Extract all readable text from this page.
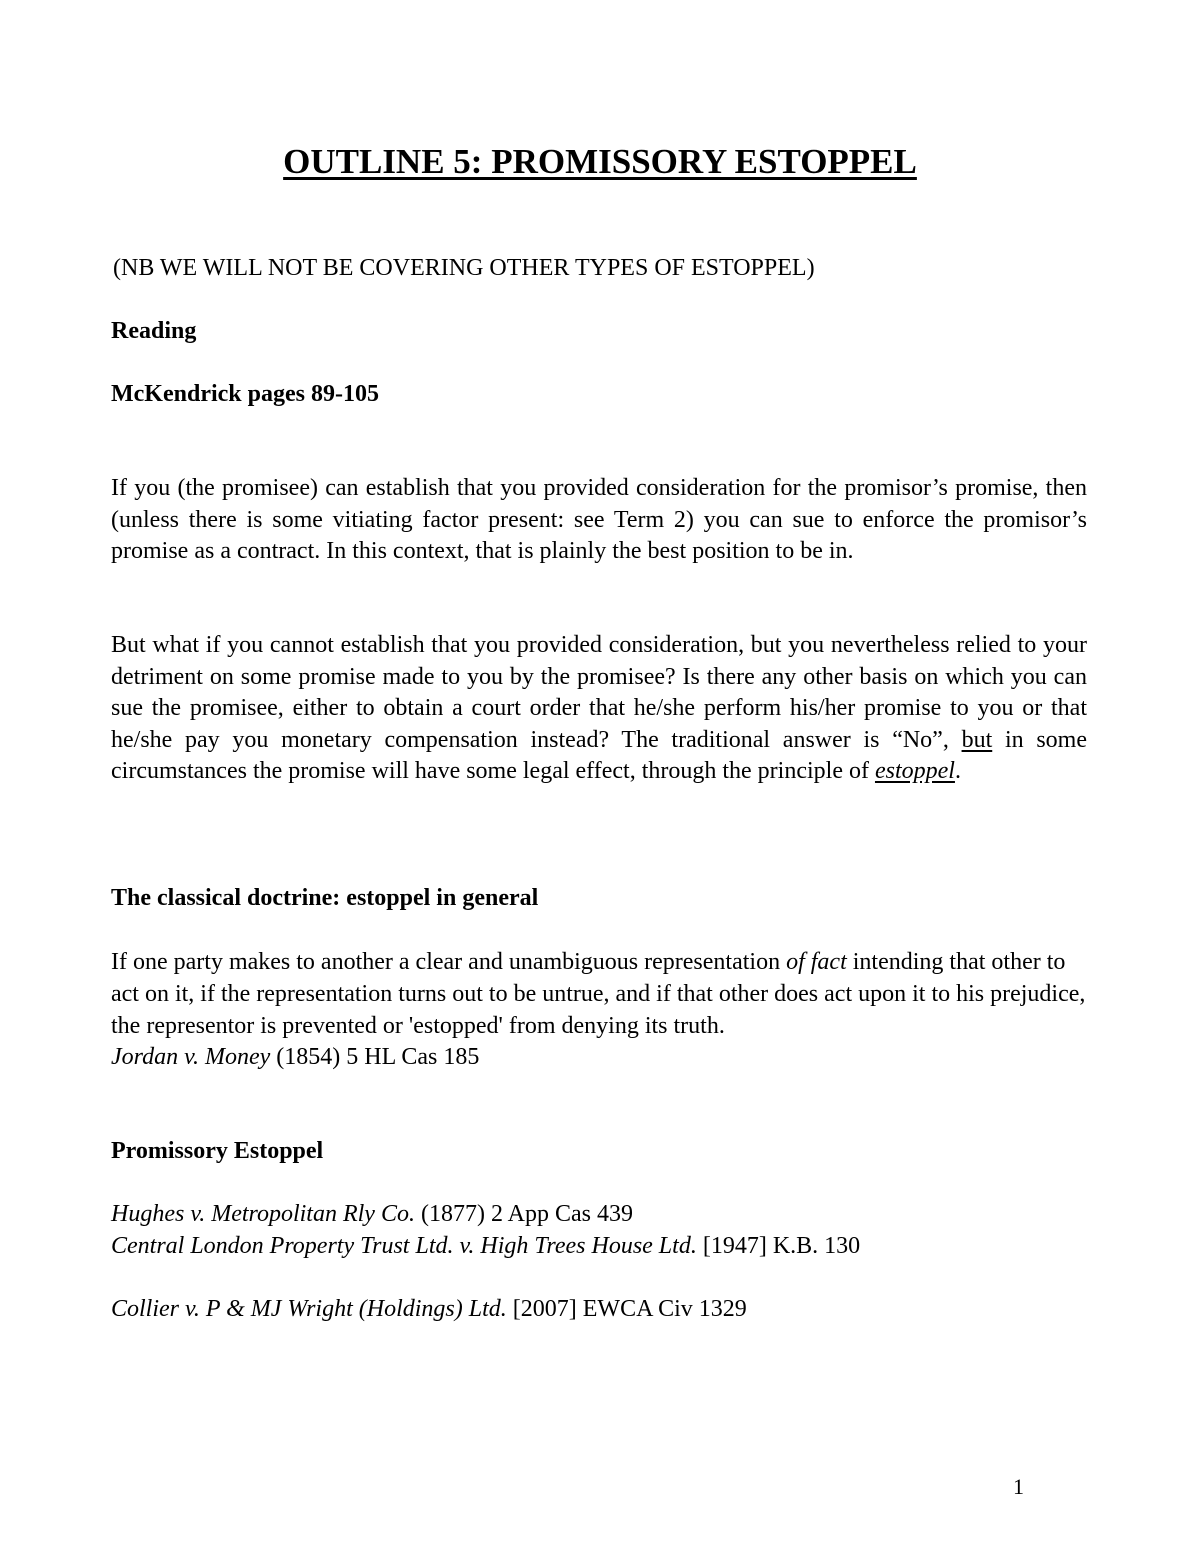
OUTLINE 5: PROMISSORY ESTOPPEL
(NB WE WILL NOT BE COVERING OTHER TYPES OF ESTOPPEL)
Reading
McKendrick pages 89-105
If you (the promisee) can establish that you provided consideration for the promisor’s promise, then (unless there is some vitiating factor present: see Term 2) you can sue to enforce the promisor’s promise as a contract. In this context, that is plainly the best position to be in.
But what if you cannot establish that you provided consideration, but you nevertheless relied to your detriment on some promise made to you by the promisee? Is there any other basis on which you can sue the promisee, either to obtain a court order that he/she perform his/her promise to you or that he/she pay you monetary compensation instead? The traditional answer is “No”, but in some circumstances the promise will have some legal effect, through the principle of estoppel.
The classical doctrine: estoppel in general
If one party makes to another a clear and unambiguous representation of fact intending that other to act on it, if the representation turns out to be untrue, and if that other does act upon it to his prejudice, the representor is prevented or 'estopped' from denying its truth.
Jordan v. Money (1854) 5 HL Cas 185
Promissory Estoppel
Hughes v. Metropolitan Rly Co. (1877) 2 App Cas 439
Central London Property Trust Ltd. v. High Trees House Ltd. [1947] K.B. 130
Collier v. P & MJ Wright (Holdings) Ltd. [2007] EWCA Civ 1329
1
